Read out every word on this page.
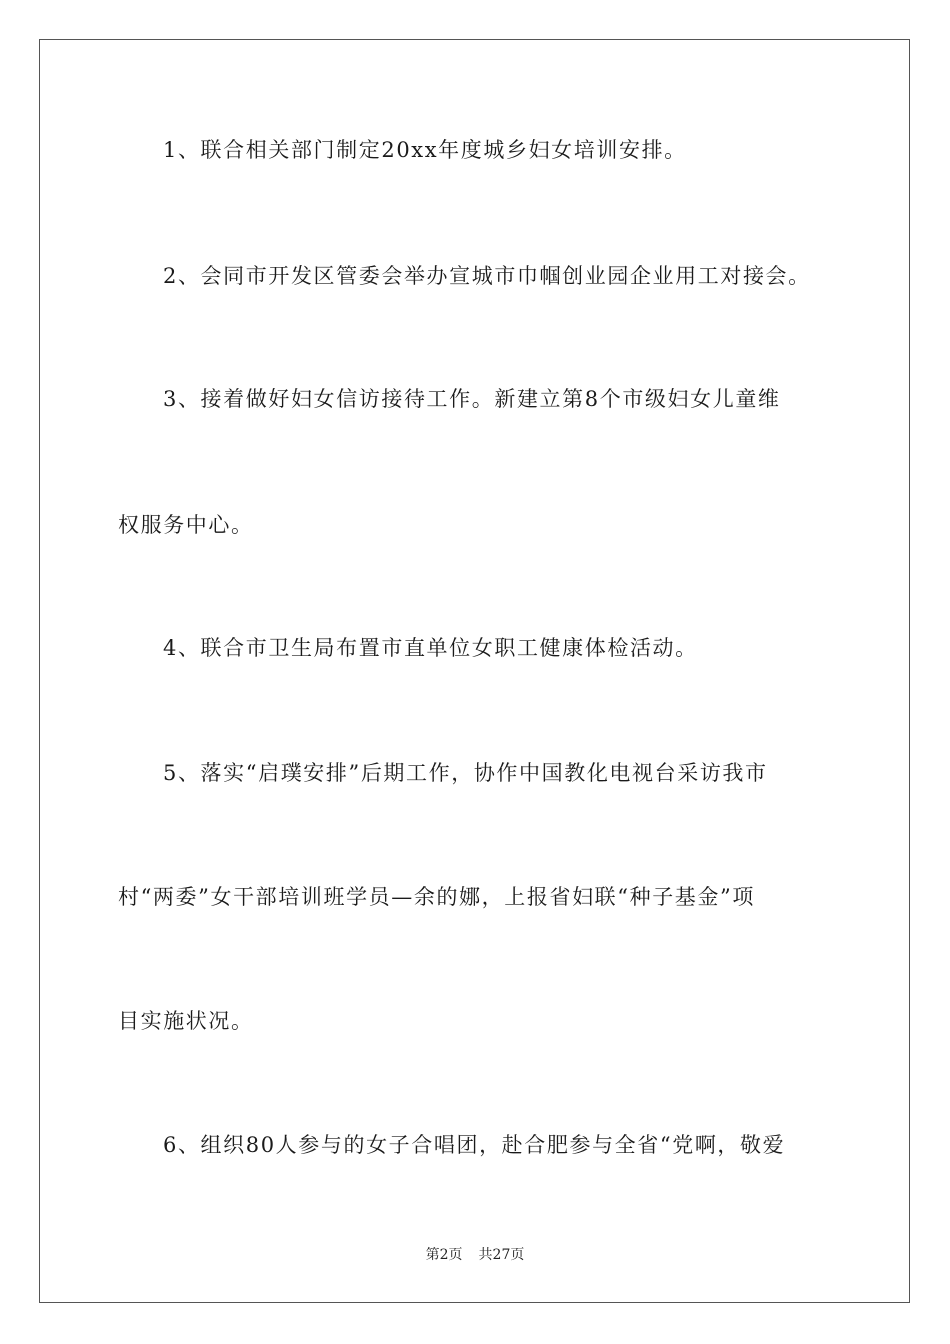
1、联合相关部门制定20xx年度城乡妇女培训安排。
2、会同市开发区管委会举办宣城市巾帼创业园企业用工对接会。
3、接着做好妇女信访接待工作。新建立第8个市级妇女儿童维
权服务中心。
4、联合市卫生局布置市直单位女职工健康体检活动。
5、落实“启璞安排”后期工作，协作中国教化电视台采访我市
村“两委”女干部培训班学员—余的娜，上报省妇联“种子基金”项
目实施状况。
6、组织80人参与的女子合唱团，赴合肥参与全省“党啊，敬爱
第2页 共27页
